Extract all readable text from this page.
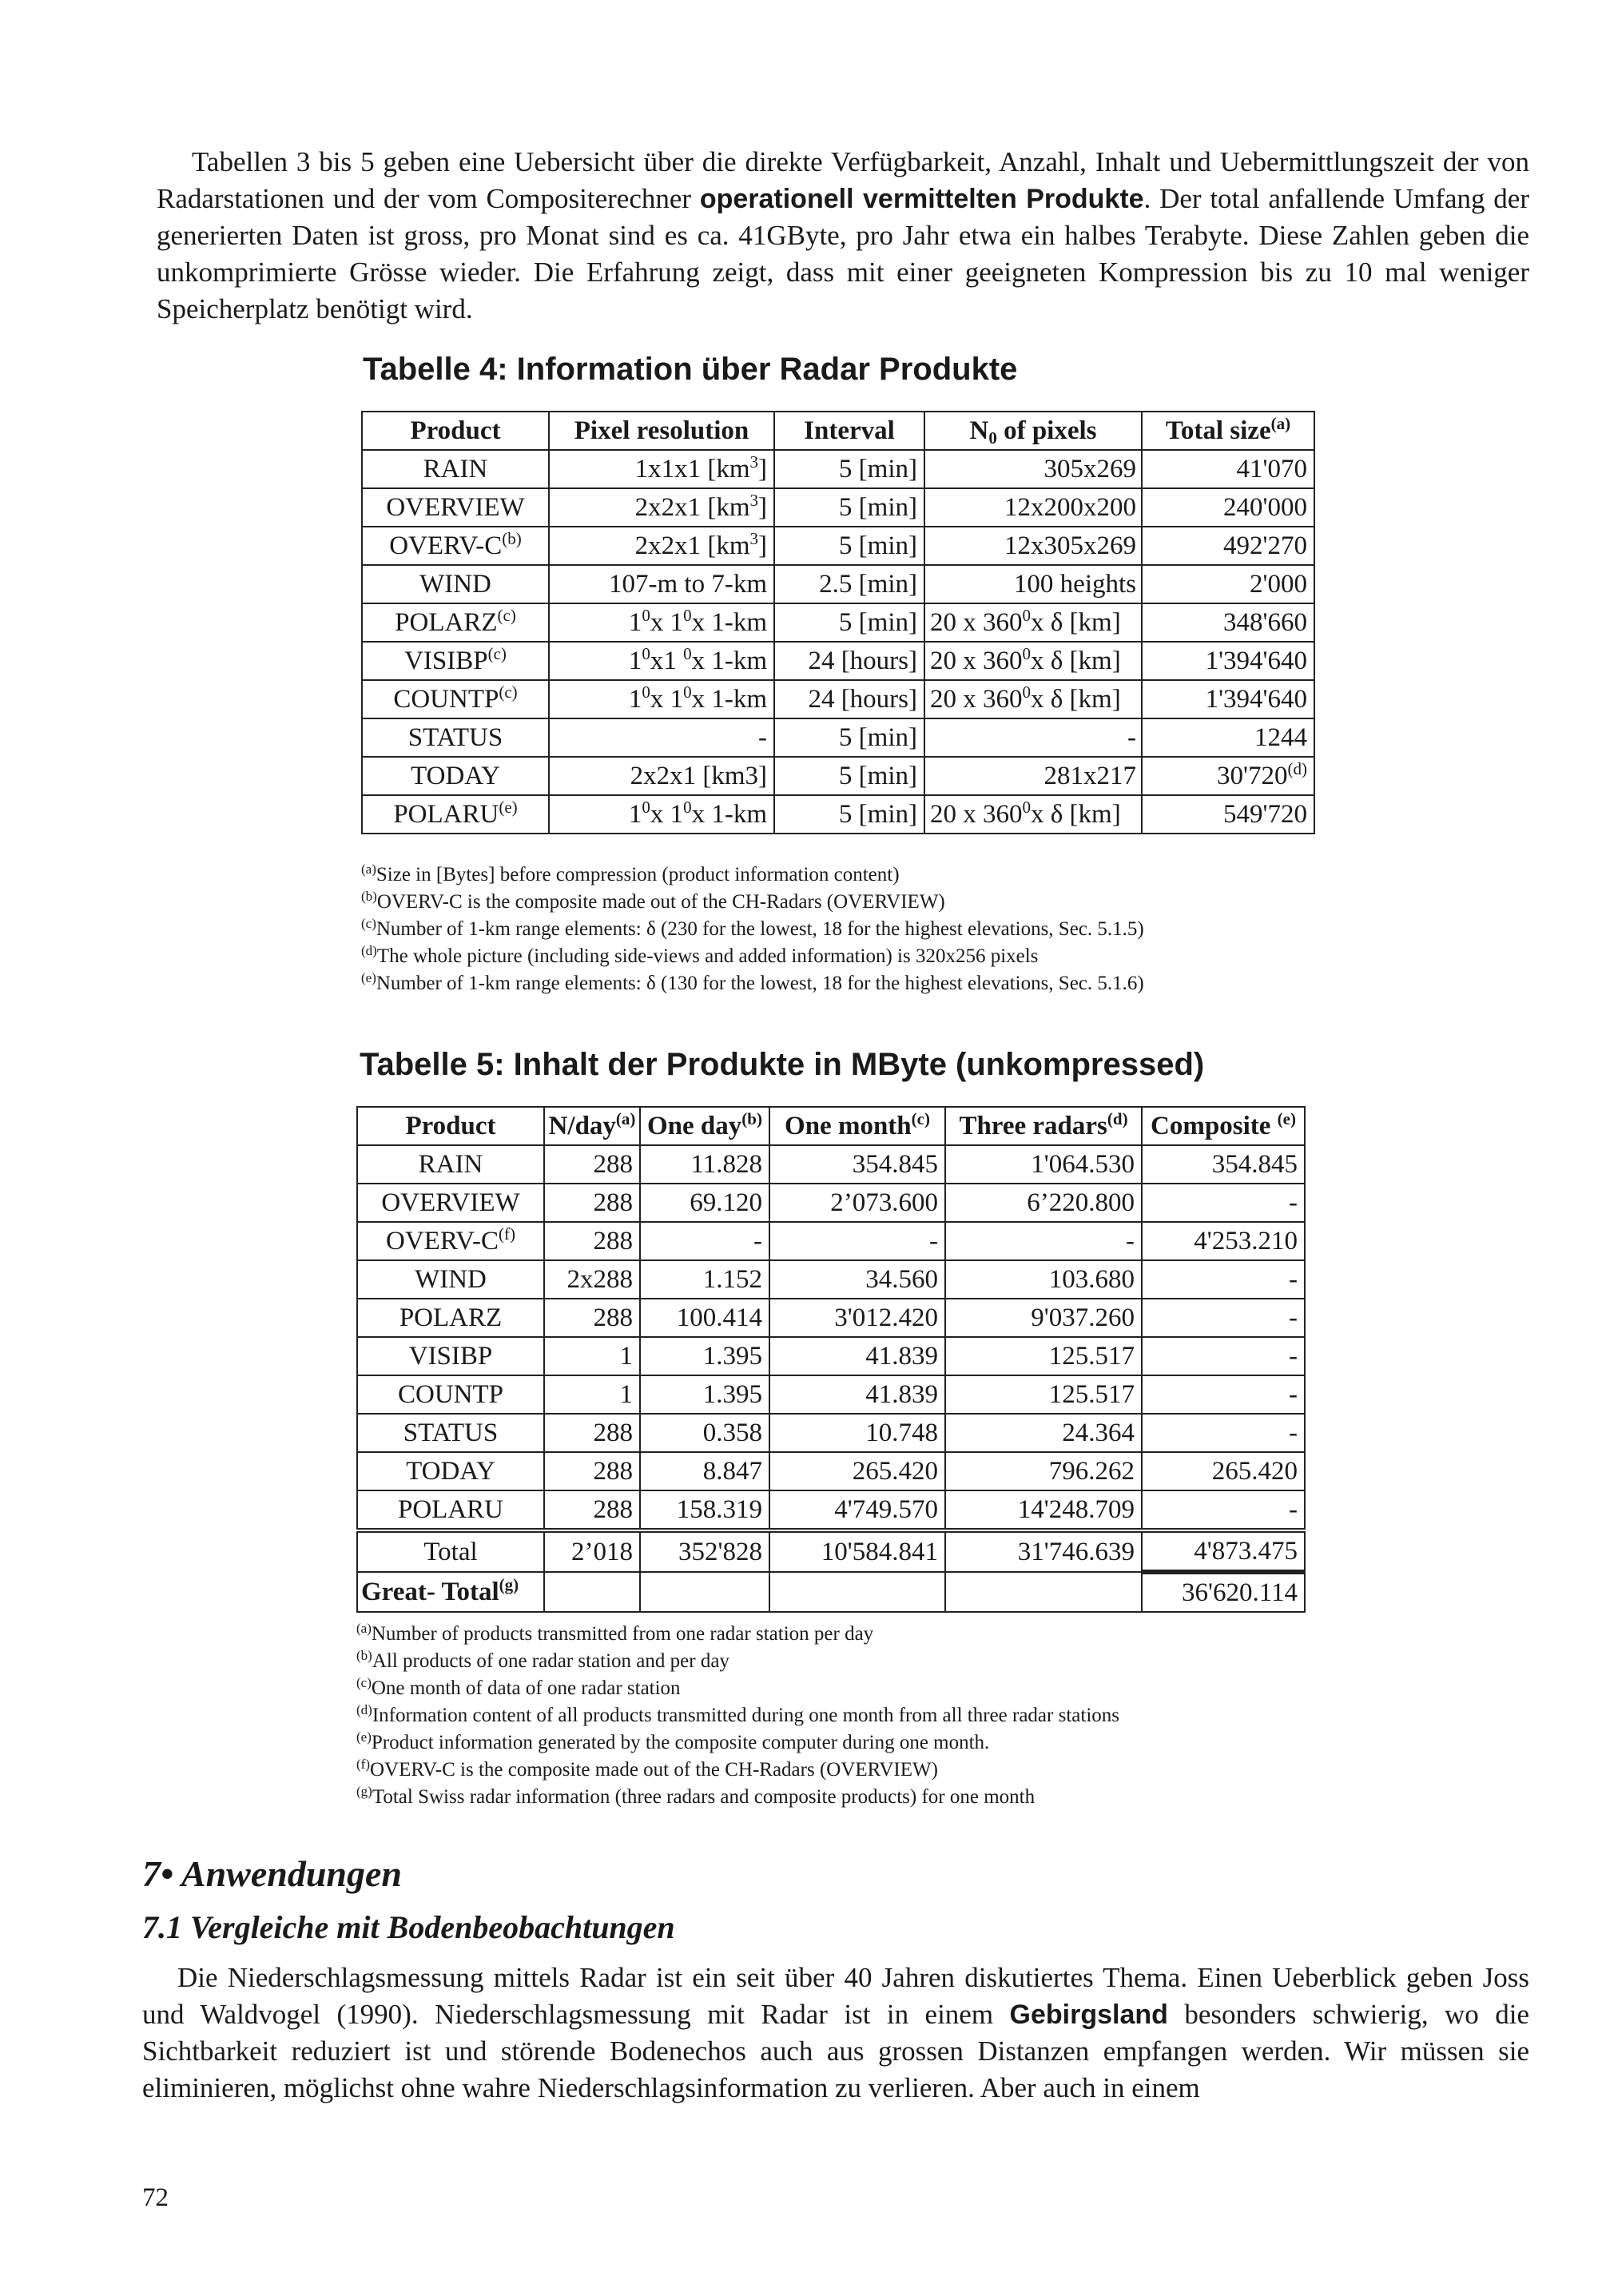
Tabellen 3 bis 5 geben eine Uebersicht über die direkte Verfügbarkeit, Anzahl, Inhalt und Uebermittlungszeit der von Radarstationen und der vom Compositerechner operationell vermittelten Produkte. Der total anfallende Umfang der generierten Daten ist gross, pro Monat sind es ca. 41GByte, pro Jahr etwa ein halbes Terabyte. Diese Zahlen geben die unkomprimierte Grösse wieder. Die Erfahrung zeigt, dass mit einer geeigneten Kompression bis zu 10 mal weniger Speicherplatz benötigt wird.
Tabelle 4: Information über Radar Produkte
Product	Pixel resolution	Interval	$N_0$ of pixels	Total size$^{(a)}$
RAIN	1x1x1 $[km^3]$	5 [min]	305x269	41'070
OVERVIEW	2x2x1 $[km^3]$	5 [min]	12x200x200	240'000
OVERV-$C^{(b)}$	2x2x1 $[km^3]$	5 [min]	12x305x269	492'270
WIND	107-m to 7-km	2.5 [min]	100 heights	2'000
POLARZ$^{(c)}$	$1^0x$ $1^0x$ 1-km	5 [min]	20 x $360^0x$ δ [km]	348'660
VISIBP$^{(c)}$	$1^0x1$ $^0$x 1-km	24 [hours]	20 x $360^0x$ δ [km]	1'394'640
COUNTP$^{(c)}$	$1^0x$ $1^0x$ 1-km	24 [hours]	20 x $360^0x$ δ [km]	1'394'640
STATUS	-	5 [min]	-	1244
TODAY	2x2x1 [km3]	5 [min]	281x217	30'720$^{(d)}$
POLARU$^{(e)}$	$1^0x$ $1^0x$ 1-km	5 [min]	20 x $360^0x$ δ [km]	549'720
$^{(a)}$Size in [Bytes] before compression (product information content)
$^{(b)}$OVERV-C is the composite made out of the CH-Radars (OVERVIEW)
$^{(c)}$Number of 1-km range elements: δ (230 for the lowest, 18 for the highest elevations, Sec. 5.1.5)
$^{(d)}$The whole picture (including side-views and added information) is 320x256 pixels
$^{(e)}$Number of 1-km range elements: δ (130 for the lowest, 18 for the highest elevations, Sec. 5.1.6)
Tabelle 5: Inhalt der Produkte in MByte (unkompressed)
Product	N/day$^{(a)}$	One day$^{(b)}$	One month$^{(c)}$	Three radars$^{(d)}$	Composite $^{(e)}$
RAIN	288	11.828	354.845	1'064.530	354.845
OVERVIEW	288	69.120	2’073.600	6’220.800	-
OVERV-$C^{(f)}$	288	-	-	-	4'253.210
WIND	2x288	1.152	34.560	103.680	-
POLARZ	288	100.414	3'012.420	9'037.260	-
VISIBP	1	1.395	41.839	125.517	-
COUNTP	1	1.395	41.839	125.517	-
STATUS	288	0.358	10.748	24.364	-
TODAY	288	8.847	265.420	796.262	265.420
POLARU	288	158.319	4'749.570	14'248.709	-
Total	2’018	352'828	10'584.841	31'746.639	4'873.475
Great- Total$^{(g)}$					36'620.114
$^{(a)}$Number of products transmitted from one radar station per day
$^{(b)}$All products of one radar station and per day
$^{(c)}$One month of data of one radar station
$^{(d)}$Information content of all products transmitted during one month from all three radar stations
$^{(e)}$Product information generated by the composite computer during one month.
$^{(f)}$OVERV-C is the composite made out of the CH-Radars (OVERVIEW)
$^{(g)}$Total Swiss radar information (three radars and composite products) for one month
7• Anwendungen
7.1 Vergleiche mit Bodenbeobachtungen
Die Niederschlagsmessung mittels Radar ist ein seit über 40 Jahren diskutiertes Thema. Einen Ueberblick geben Joss und Waldvogel (1990). Niederschlagsmessung mit Radar ist in einem Gebirgsland besonders schwierig, wo die Sichtbarkeit reduziert ist und störende Bodenechos auch aus grossen Distanzen empfangen werden. Wir müssen sie eliminieren, möglichst ohne wahre Niederschlagsinformation zu verlieren. Aber auch in einem
72
